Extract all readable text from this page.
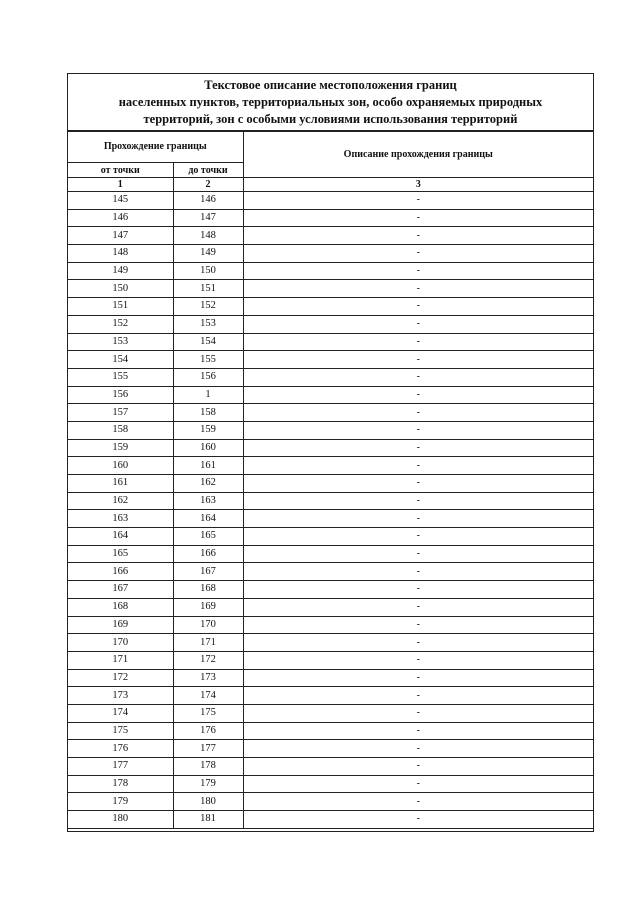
Текстовое описание местоположения границ
населенных пунктов, территориальных зон, особо охраняемых природных
территорий, зон с особыми условиями использования территорий
Прохождение границы		Описание прохождения границы
от точки	до точки	
1	2	3
145	146	-
146	147	-
147	148	-
148	149	-
149	150	-
150	151	-
151	152	-
152	153	-
153	154	-
154	155	-
155	156	-
156	1	-
157	158	-
158	159	-
159	160	-
160	161	-
161	162	-
162	163	-
163	164	-
164	165	-
165	166	-
166	167	-
167	168	-
168	169	-
169	170	-
170	171	-
171	172	-
172	173	-
173	174	-
174	175	-
175	176	-
176	177	-
177	178	-
178	179	-
179	180	-
180	181	-
